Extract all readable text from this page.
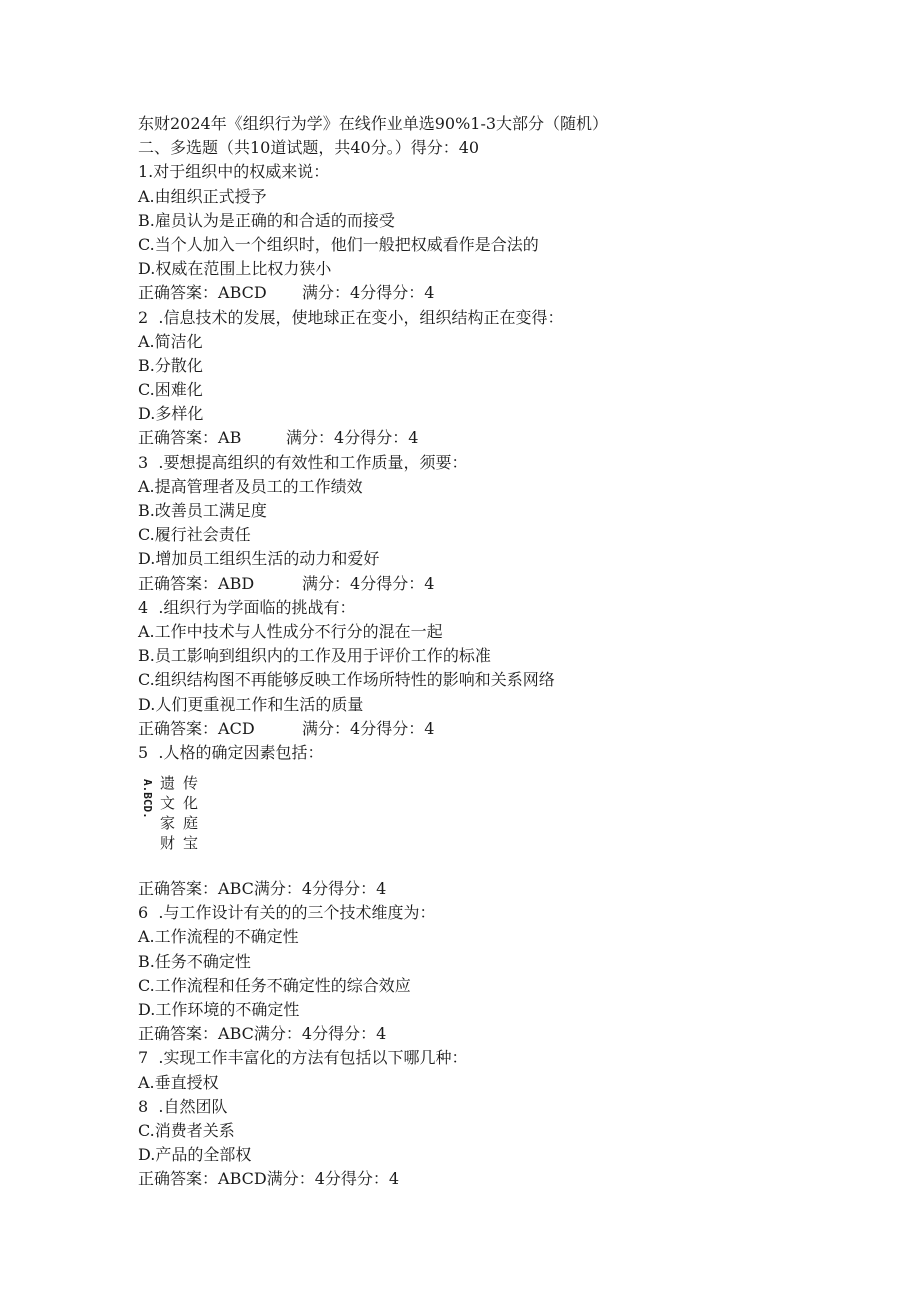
东财2024年《组织行为学》在线作业单选90%1-3大部分（随机）
二、多选题（共10道试题，共40分。）得分：40
1.对于组织中的权威来说：
A.由组织正式授予
B.雇员认为是正确的和合适的而接受
C.当个人加入一个组织时，他们一般把权威看作是合法的
D.权威在范围上比权力狭小
正确答案： ABCD	满分： 4分得分： 4
2  .信息技术的发展，使地球正在变小，组织结构正在变得：
A.简洁化
B.分散化
C.困难化
D.多样化
正确答案： AB	满分： 4分得分： 4
3  .要想提高组织的有效性和工作质量，须要：
A.提高管理者及员工的工作绩效
B.改善员工满足度
C.履行社会责任
D.增加员工组织生活的动力和爱好
正确答案： ABD	满分： 4分得分： 4
4  .组织行为学面临的挑战有：
A.工作中技术与人性成分不行分的混在一起
B.员工影响到组织内的工作及用于评价工作的标准
C.组织结构图不再能够反映工作场所特性的影响和关系网络
D.人们更重视工作和生活的质量
正确答案： ACD	满分： 4分得分： 4
5  .人格的确定因素包括：
A.BCD. 遗传
文化
家庭
财宝
正确答案： ABC 满分： 4分得分： 4
6  .与工作设计有关的的三个技术维度为：
A.工作流程的不确定性
B.任务不确定性
C.工作流程和任务不确定性的综合效应
D.工作环境的不确定性
正确答案： ABC 满分： 4分得分： 4
7  .实现工作丰富化的方法有包括以下哪几种：
A.垂直授权
8  .自然团队
C.消费者关系
D.产品的全部权
正确答案： ABCD 满分： 4分得分： 4
